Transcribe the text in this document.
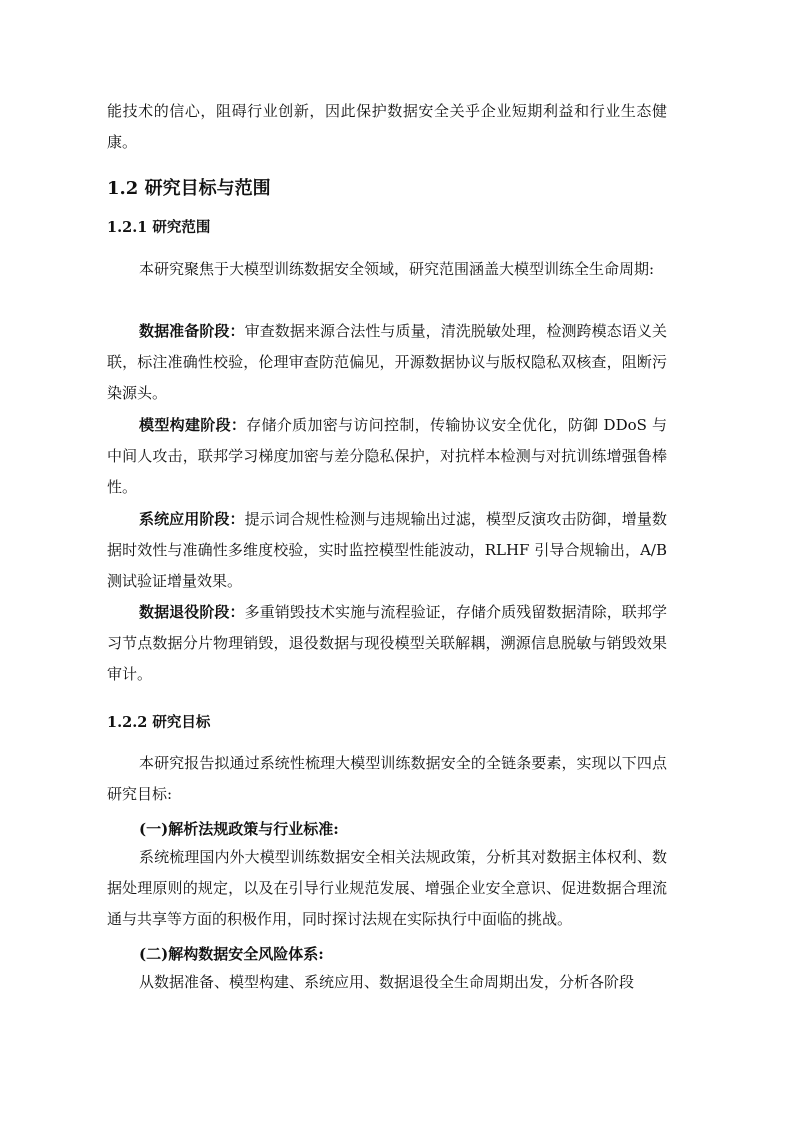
能技术的信心，阻碍行业创新，因此保护数据安全关乎企业短期利益和行业生态健康。

1.2 研究目标与范围
1.2.1 研究范围

本研究聚焦于大模型训练数据安全领域，研究范围涵盖大模型训练全生命周期:

数据准备阶段：审查数据来源合法性与质量，清洗脱敏处理，检测跨模态语义关联，标注准确性校验，伦理审查防范偏见，开源数据协议与版权隐私双核查，阻断污染源头。

模型构建阶段：存储介质加密与访问控制，传输协议安全优化，防御 DDoS 与中间人攻击，联邦学习梯度加密与差分隐私保护，对抗样本检测与对抗训练增强鲁棒性。

系统应用阶段：提示词合规性检测与违规输出过滤，模型反演攻击防御，增量数据时效性与准确性多维度校验，实时监控模型性能波动，RLHF 引导合规输出，A/B 测试验证增量效果。

数据退役阶段：多重销毁技术实施与流程验证，存储介质残留数据清除，联邦学习节点数据分片物理销毁，退役数据与现役模型关联解耦，溯源信息脱敏与销毁效果审计。

1.2.2 研究目标

本研究报告拟通过系统性梳理大模型训练数据安全的全链条要素，实现以下四点研究目标:

(一)解析法规政策与行业标准:

系统梳理国内外大模型训练数据安全相关法规政策，分析其对数据主体权利、数据处理原则的规定，以及在引导行业规范发展、增强企业安全意识、促进数据合理流通与共享等方面的积极作用，同时探讨法规在实际执行中面临的挑战。

(二)解构数据安全风险体系:

从数据准备、模型构建、系统应用、数据退役全生命周期出发，分析各阶段
